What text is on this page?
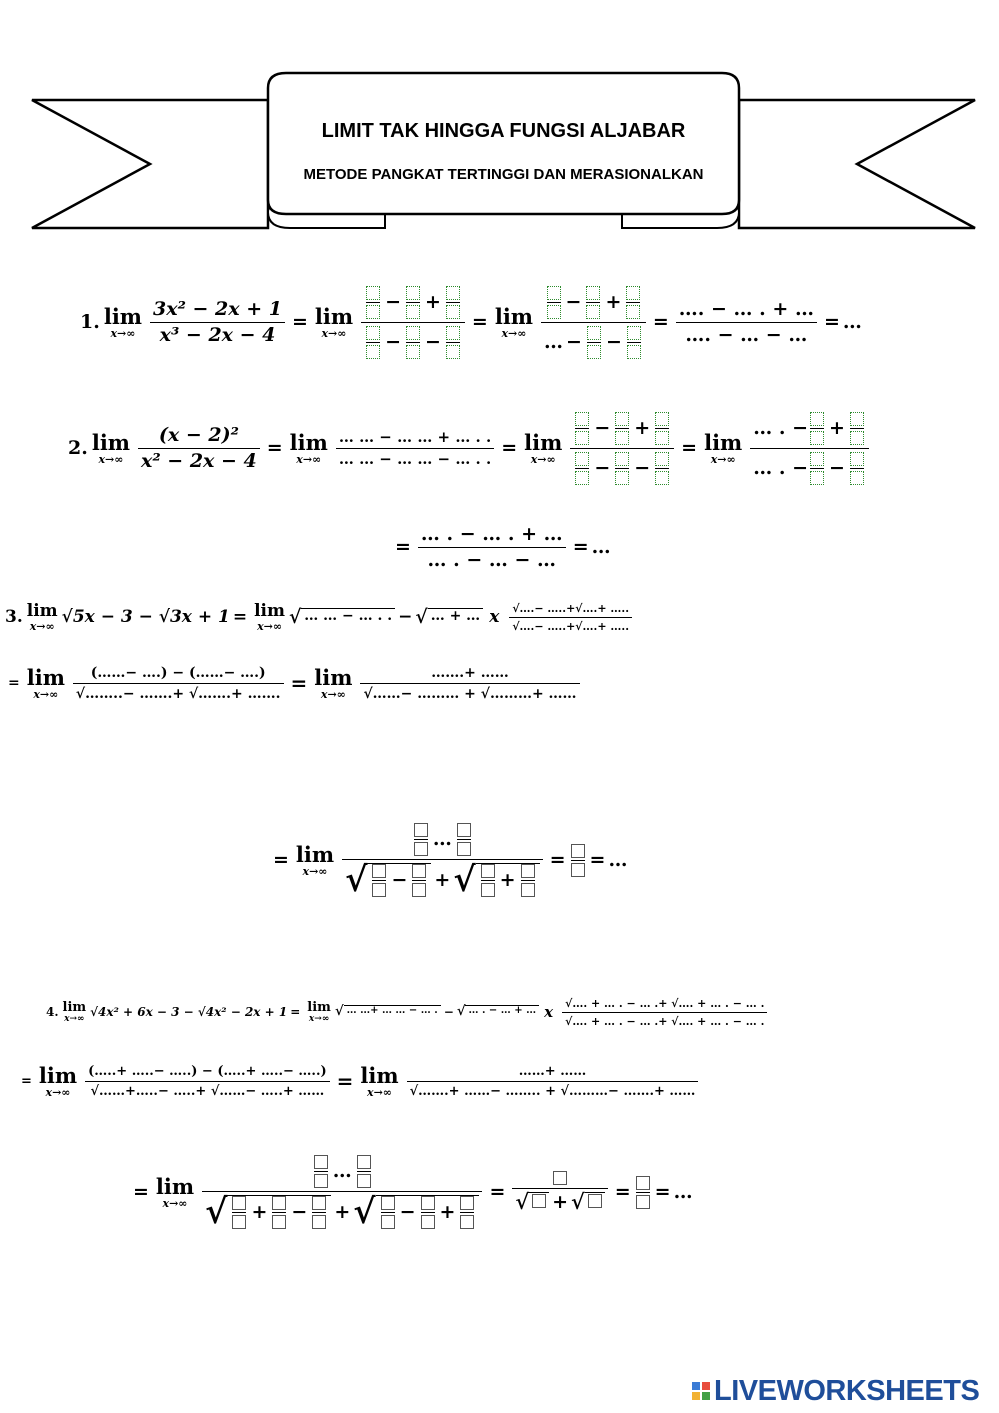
LIMIT TAK HINGGA FUNGSI ALJABAR
METODE PANGKAT TERTINGGI DAN MERASIONALKAN
1. lim
x→∞
3x² − 2x + 1
x³ − 2x − 4
= lim
x→∞
− +
− −
= lim
x→∞
− +
… − −
=
…. − … . + …
…. − … − …
= …
2. lim
x→∞
(x − 2)²
x² − 2x − 4
= lim
x→∞
… … − … … + … . .
… … − … … − … . . = lim
x→∞
− +
− −
= lim
x→∞
… . − +
… . − −
=
… . − … . + …
… . − … − …
= …
3. lim
x→∞ √5x − 3 − √3x + 1 = lim
x→∞ √ … … − … . . − √ … + … x √….− …..+√….+ …..
√….− …..+√….+ …..
= lim
x→∞
(……− ….) − (……− ….)
√……..− …….+ √…….+ ……. = lim
x→∞
…….+ ……
√……− ……… + √………+ ……
= lim
x→∞
…
√ − + √ +
= = …
4. lim
x→∞ √4x² + 6x − 3 − √4x² − 2x + 1 = lim
x→∞ √ … …+ … … − … . − √ … . − … + … x √…. + … . − … .+ √…. + … . − … .
√…. + … . − … .+ √…. + … . − … .
= lim
x→∞
(…..+ …..− …..) − (…..+ …..− …..)
√……+…..− …..+ √……− …..+ …… = lim
x→∞
……+ ……
√…….+ ……− …….. + √………− …….+ ……
= lim
x→∞
…
√ + − + √ − +
= √ + √ = = …
LIVEWORKSHEETS
